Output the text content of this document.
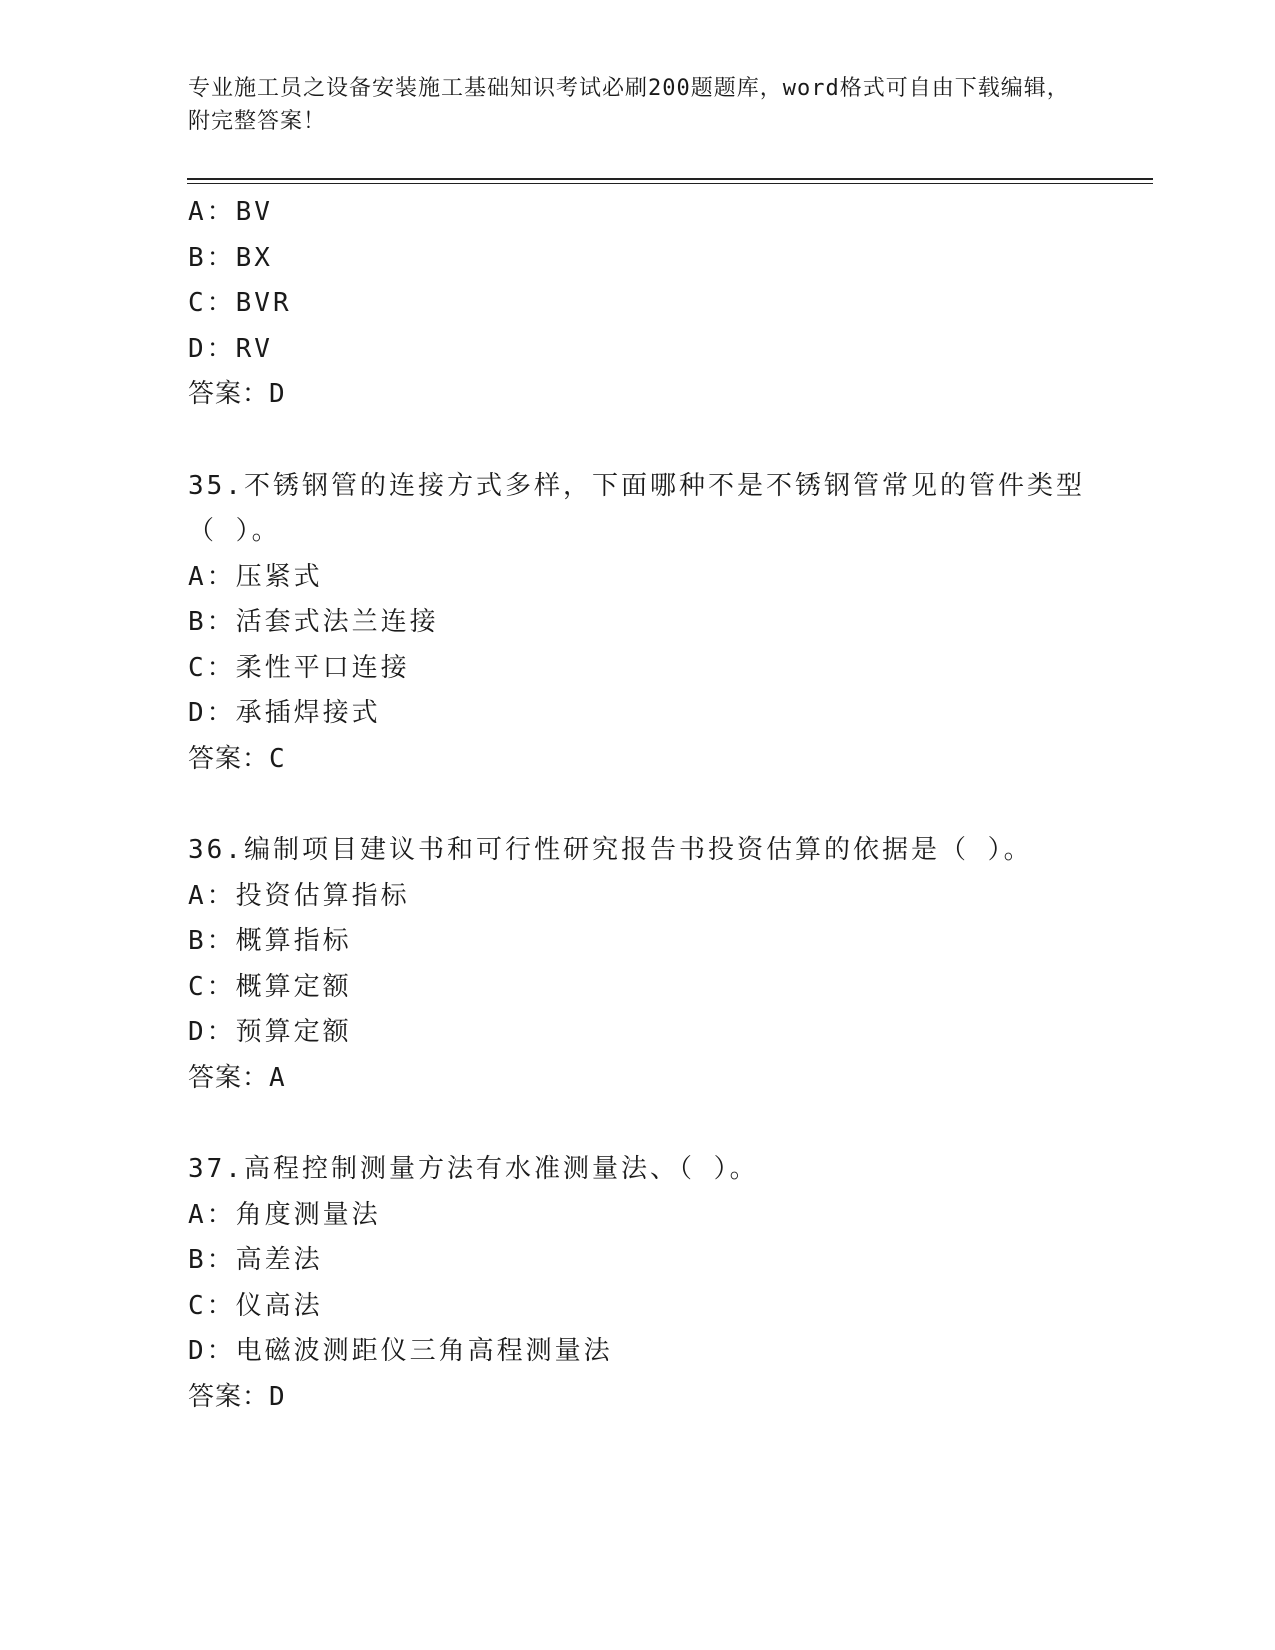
专业施工员之设备安装施工基础知识考试必刷200题题库，word格式可自由下载编辑，附完整答案！

A：BV
B：BX
C：BVR
D：RV
答案：D
35.不锈钢管的连接方式多样，下面哪种不是不锈钢管常见的管件类型（ ）。
A：压紧式
B：活套式法兰连接
C：柔性平口连接
D：承插焊接式
答案：C
36.编制项目建议书和可行性研究报告书投资估算的依据是（ ）。
A：投资估算指标
B：概算指标
C：概算定额
D：预算定额
答案：A
37.高程控制测量方法有水准测量法、（ ）。
A：角度测量法
B：高差法
C：仪高法
D：电磁波测距仪三角高程测量法
答案：D
